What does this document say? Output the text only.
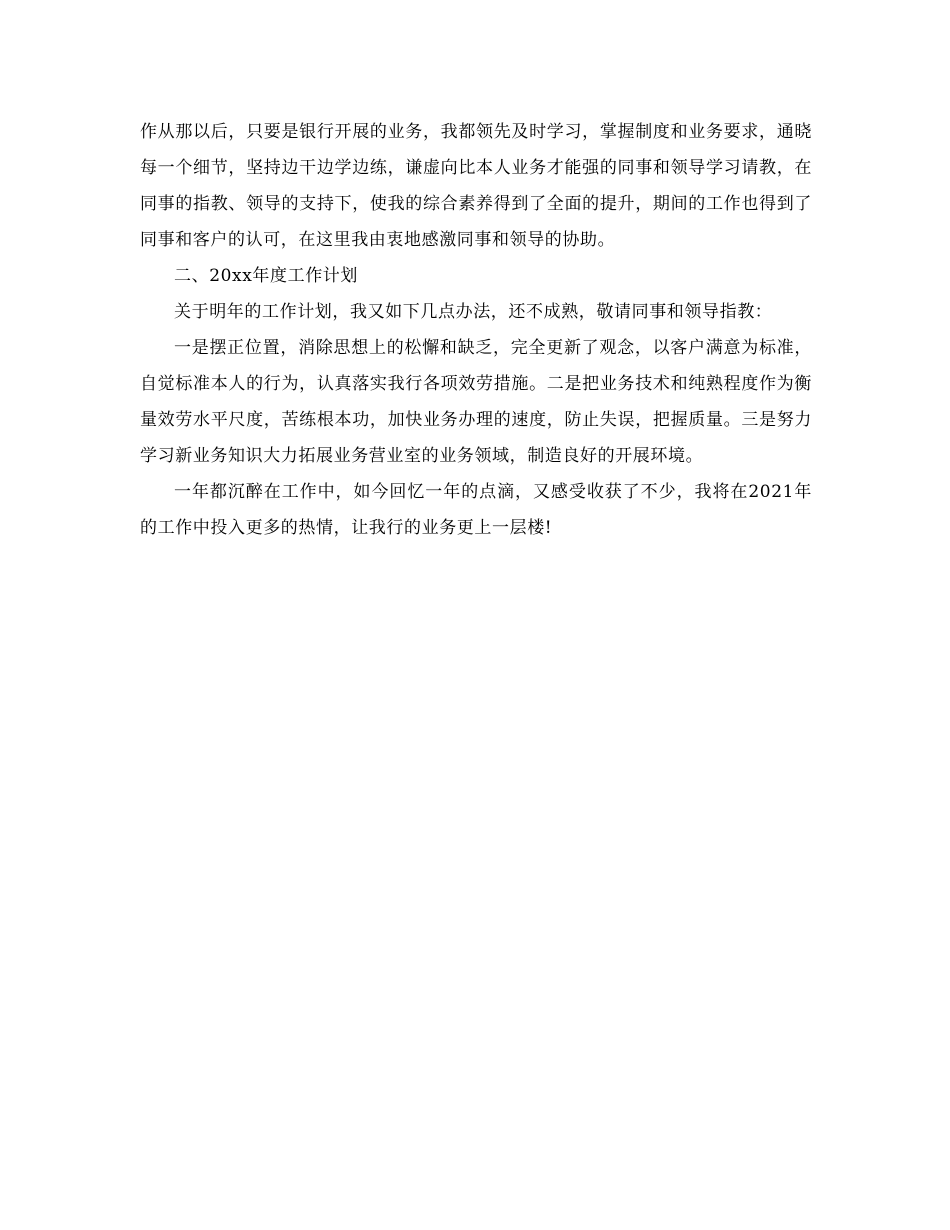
作从那以后，只要是银行开展的业务，我都领先及时学习，掌握制度和业务要求，通晓每一个细节，坚持边干边学边练，谦虚向比本人业务才能强的同事和领导学习请教，在同事的指教、领导的支持下，使我的综合素养得到了全面的提升，期间的工作也得到了同事和客户的认可，在这里我由衷地感激同事和领导的协助。

二、20xx年度工作计划

关于明年的工作计划，我又如下几点办法，还不成熟，敬请同事和领导指教：

一是摆正位置，消除思想上的松懈和缺乏，完全更新了观念，以客户满意为标准，自觉标准本人的行为，认真落实我行各项效劳措施。二是把业务技术和纯熟程度作为衡量效劳水平尺度，苦练根本功，加快业务办理的速度，防止失误，把握质量。三是努力学习新业务知识大力拓展业务营业室的业务领域，制造良好的开展环境。

一年都沉醉在工作中，如今回忆一年的点滴，又感受收获了不少，我将在2021年的工作中投入更多的热情，让我行的业务更上一层楼!
